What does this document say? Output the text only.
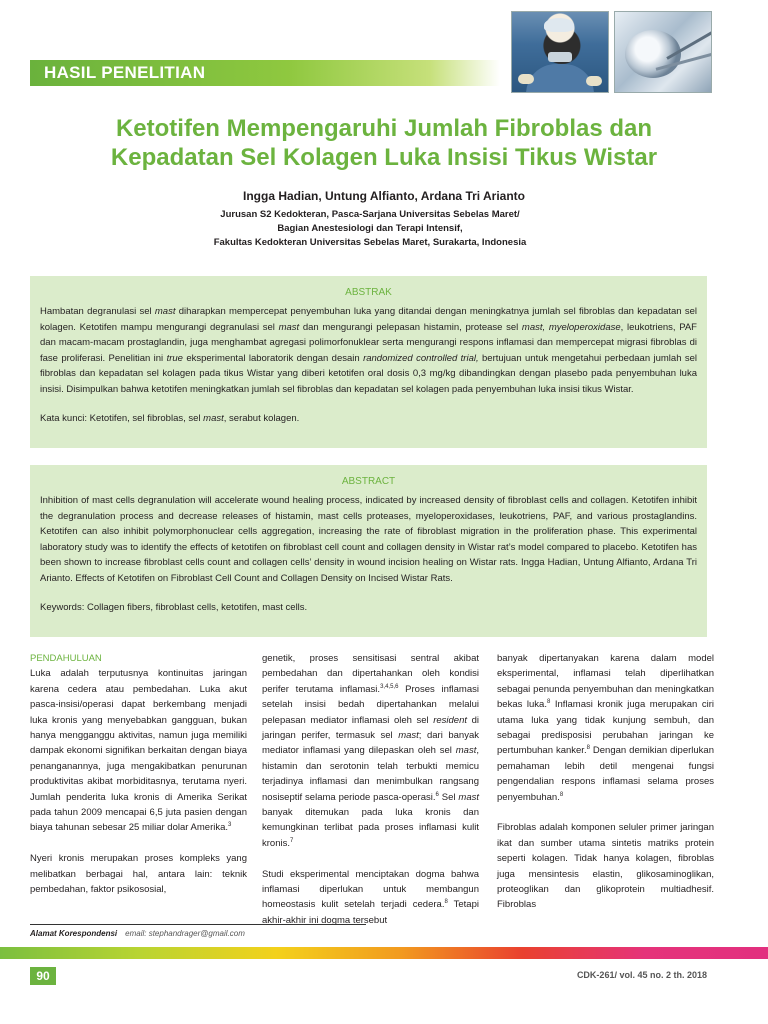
HASIL PENELITIAN
Ketotifen Mempengaruhi Jumlah Fibroblas dan
Kepadatan Sel Kolagen Luka Insisi Tikus Wistar
Ingga Hadian, Untung Alfianto, Ardana Tri Arianto
Jurusan S2 Kedokteran, Pasca-Sarjana Universitas Sebelas Maret/
Bagian Anestesiologi dan Terapi Intensif,
Fakultas Kedokteran Universitas Sebelas Maret, Surakarta, Indonesia
ABSTRAK

Hambatan degranulasi sel mast diharapkan mempercepat penyembuhan luka yang ditandai dengan meningkatnya jumlah sel fibroblas dan kepadatan sel kolagen. Ketotifen mampu mengurangi degranulasi sel mast dan mengurangi pelepasan histamin, protease sel mast, myeloperoxidase, leukotriens, PAF dan macam-macam prostaglandin, juga menghambat agregasi polimorfonuklear serta mengurangi respons inflamasi dan mempercepat migrasi fibroblas di fase proliferasi. Penelitian ini true eksperimental laboratorik dengan desain randomized controlled trial, bertujuan untuk mengetahui perbedaan jumlah sel fibroblas dan kepadatan sel kolagen pada tikus Wistar yang diberi ketotifen oral dosis 0,3 mg/kg dibandingkan dengan plasebo pada penyembuhan luka insisi. Disimpulkan bahwa ketotifen meningkatkan jumlah sel fibroblas dan kepadatan sel kolagen pada penyembuhan luka insisi tikus Wistar.

Kata kunci: Ketotifen, sel fibroblas, sel mast, serabut kolagen.

ABSTRACT

Inhibition of mast cells degranulation will accelerate wound healing process, indicated by increased density of fibroblast cells and collagen. Ketotifen inhibit the degranulation process and decrease releases of histamin, mast cells proteases, myeloperoxidases, leukotriens, PAF, and various prostaglandins. Ketotifen can also inhibit polymorphonuclear cells aggregation, increasing the rate of fibroblast migration in the proliferation phase. This experimental laboratory study was to identify the effects of ketotifen on fibroblast cell count and collagen density in Wistar rat’s model compared to placebo. Ketotifen has been shown to increase fibroblast cells count and collagen cells’ density in wound incision healing on Wistar rats. Ingga Hadian, Untung Alfianto, Ardana Tri Arianto. Effects of Ketotifen on Fibroblast Cell Count and Collagen Density on Incised Wistar Rats.

Keywords: Collagen fibers, fibroblast cells, ketotifen, mast cells.

PENDAHULUAN

Luka adalah terputusnya kontinuitas jaringan karena cedera atau pembedahan. Luka akut pasca-insisi/operasi dapat berkembang menjadi luka kronis yang menyebabkan gangguan, bukan hanya mengganggu aktivitas, namun juga memiliki dampak ekonomi signifikan berkaitan dengan biaya penanganannya, juga mengakibatkan penurunan produktivitas akibat morbiditasnya, terutama nyeri. Jumlah penderita luka kronis di Amerika Serikat pada tahun 2009 mencapai 6,5 juta pasien dengan biaya tahunan sebesar 25 miliar dolar Amerika.$^3$

Nyeri kronis merupakan proses kompleks yang melibatkan berbagai hal, antara lain: teknik pembedahan, faktor psikososial,

genetik, proses sensitisasi sentral akibat pembedahan dan dipertahankan oleh kondisi perifer terutama inflamasi.$^{3,4,5,6}$ Proses inflamasi setelah insisi bedah dipertahankan melalui pelepasan mediator inflamasi oleh sel resident di jaringan perifer, termasuk sel mast; dari banyak mediator inflamasi yang dilepaskan oleh sel mast, histamin dan serotonin telah terbukti memicu terjadinya inflamasi dan menimbulkan rangsang nosiseptif selama periode pasca-operasi.$^6$ Sel mast banyak ditemukan pada luka kronis dan kemungkinan terlibat pada proses inflamasi kulit kronis.$^7$

Studi eksperimental menciptakan dogma bahwa inflamasi diperlukan untuk membangun homeostasis kulit setelah terjadi cedera.$^8$ Tetapi akhir-akhir ini dogma tersebut

banyak dipertanyakan karena dalam model eksperimental, inflamasi telah diperlihatkan sebagai penunda penyembuhan dan meningkatkan bekas luka.$^8$ Inflamasi kronik juga merupakan ciri utama luka yang tidak kunjung sembuh, dan sebagai predisposisi perubahan jaringan ke pertumbuhan kanker.$^8$ Dengan demikian diperlukan pemahaman lebih detil mengenai fungsi pengendalian respons inflamasi selama proses penyembuhan.$^8$

Fibroblas adalah komponen seluler primer jaringan ikat dan sumber utama sintetis matriks protein seperti kolagen. Tidak hanya kolagen, fibroblas juga mensintesis elastin, glikosaminoglikan, proteoglikan dan glikoprotein multiadhesif. Fibroblas

Alamat Korespondensi email: stephandrager@gmail.com
90	CDK-261/ vol. 45 no. 2 th. 2018
